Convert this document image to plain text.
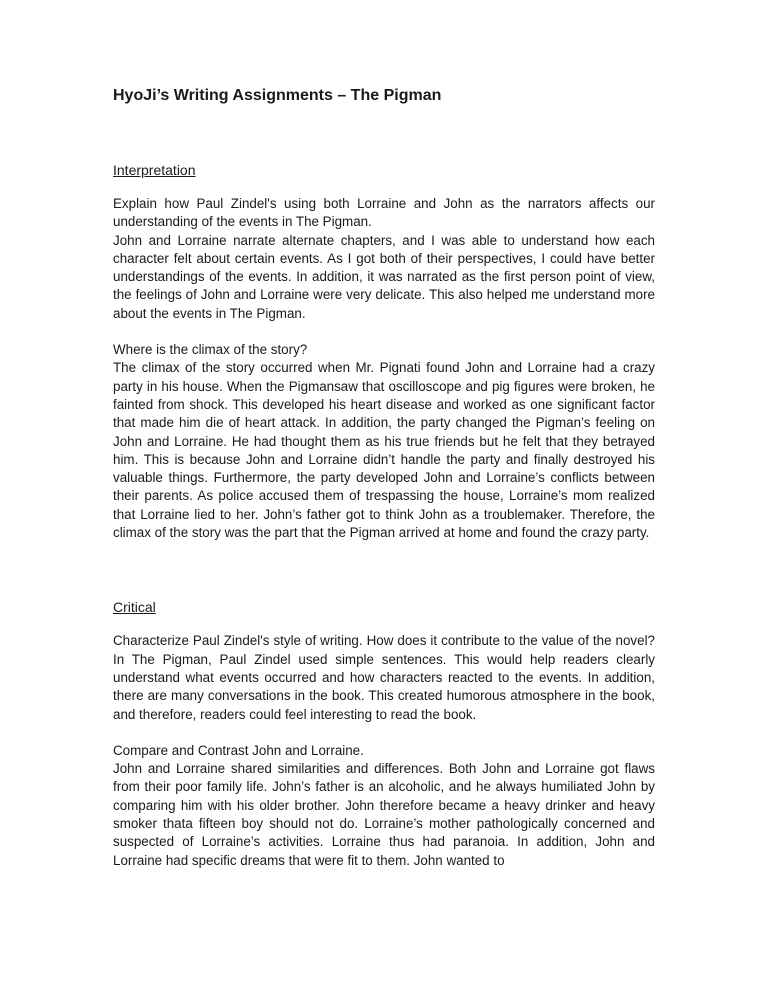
HyoJi’s Writing Assignments – The Pigman
Interpretation

Explain how Paul Zindel's using both Lorraine and John as the narrators affects our understanding of the events in The Pigman.
John and Lorraine narrate alternate chapters, and I was able to understand how each character felt about certain events. As I got both of their perspectives, I could have better understandings of the events. In addition, it was narrated as the first person point of view, the feelings of John and Lorraine were very delicate. This also helped me understand more about the events in The Pigman.

Where is the climax of the story?
The climax of the story occurred when Mr. Pignati found John and Lorraine had a crazy party in his house. When the Pigmansaw that oscilloscope and pig figures were broken, he fainted from shock. This developed his heart disease and worked as one significant factor that made him die of heart attack. In addition, the party changed the Pigman’s feeling on John and Lorraine. He had thought them as his true friends but he felt that they betrayed him. This is because John and Lorraine didn’t handle the party and finally destroyed his valuable things. Furthermore, the party developed John and Lorraine’s conflicts between their parents. As police accused them of trespassing the house, Lorraine’s mom realized that Lorraine lied to her. John’s father got to think John as a troublemaker. Therefore, the climax of the story was the part that the Pigman arrived at home and found the crazy party.

Critical

Characterize Paul Zindel's style of writing. How does it contribute to the value of the novel? In The Pigman, Paul Zindel used simple sentences. This would help readers clearly understand what events occurred and how characters reacted to the events. In addition, there are many conversations in the book. This created humorous atmosphere in the book, and therefore, readers could feel interesting to read the book.

Compare and Contrast John and Lorraine.
John and Lorraine shared similarities and differences. Both John and Lorraine got flaws from their poor family life. John’s father is an alcoholic, and he always humiliated John by comparing him with his older brother. John therefore became a heavy drinker and heavy smoker thata fifteen boy should not do. Lorraine’s mother pathologically concerned and suspected of Lorraine’s activities. Lorraine thus had paranoia. In addition, John and Lorraine had specific dreams that were fit to them. John wanted to
